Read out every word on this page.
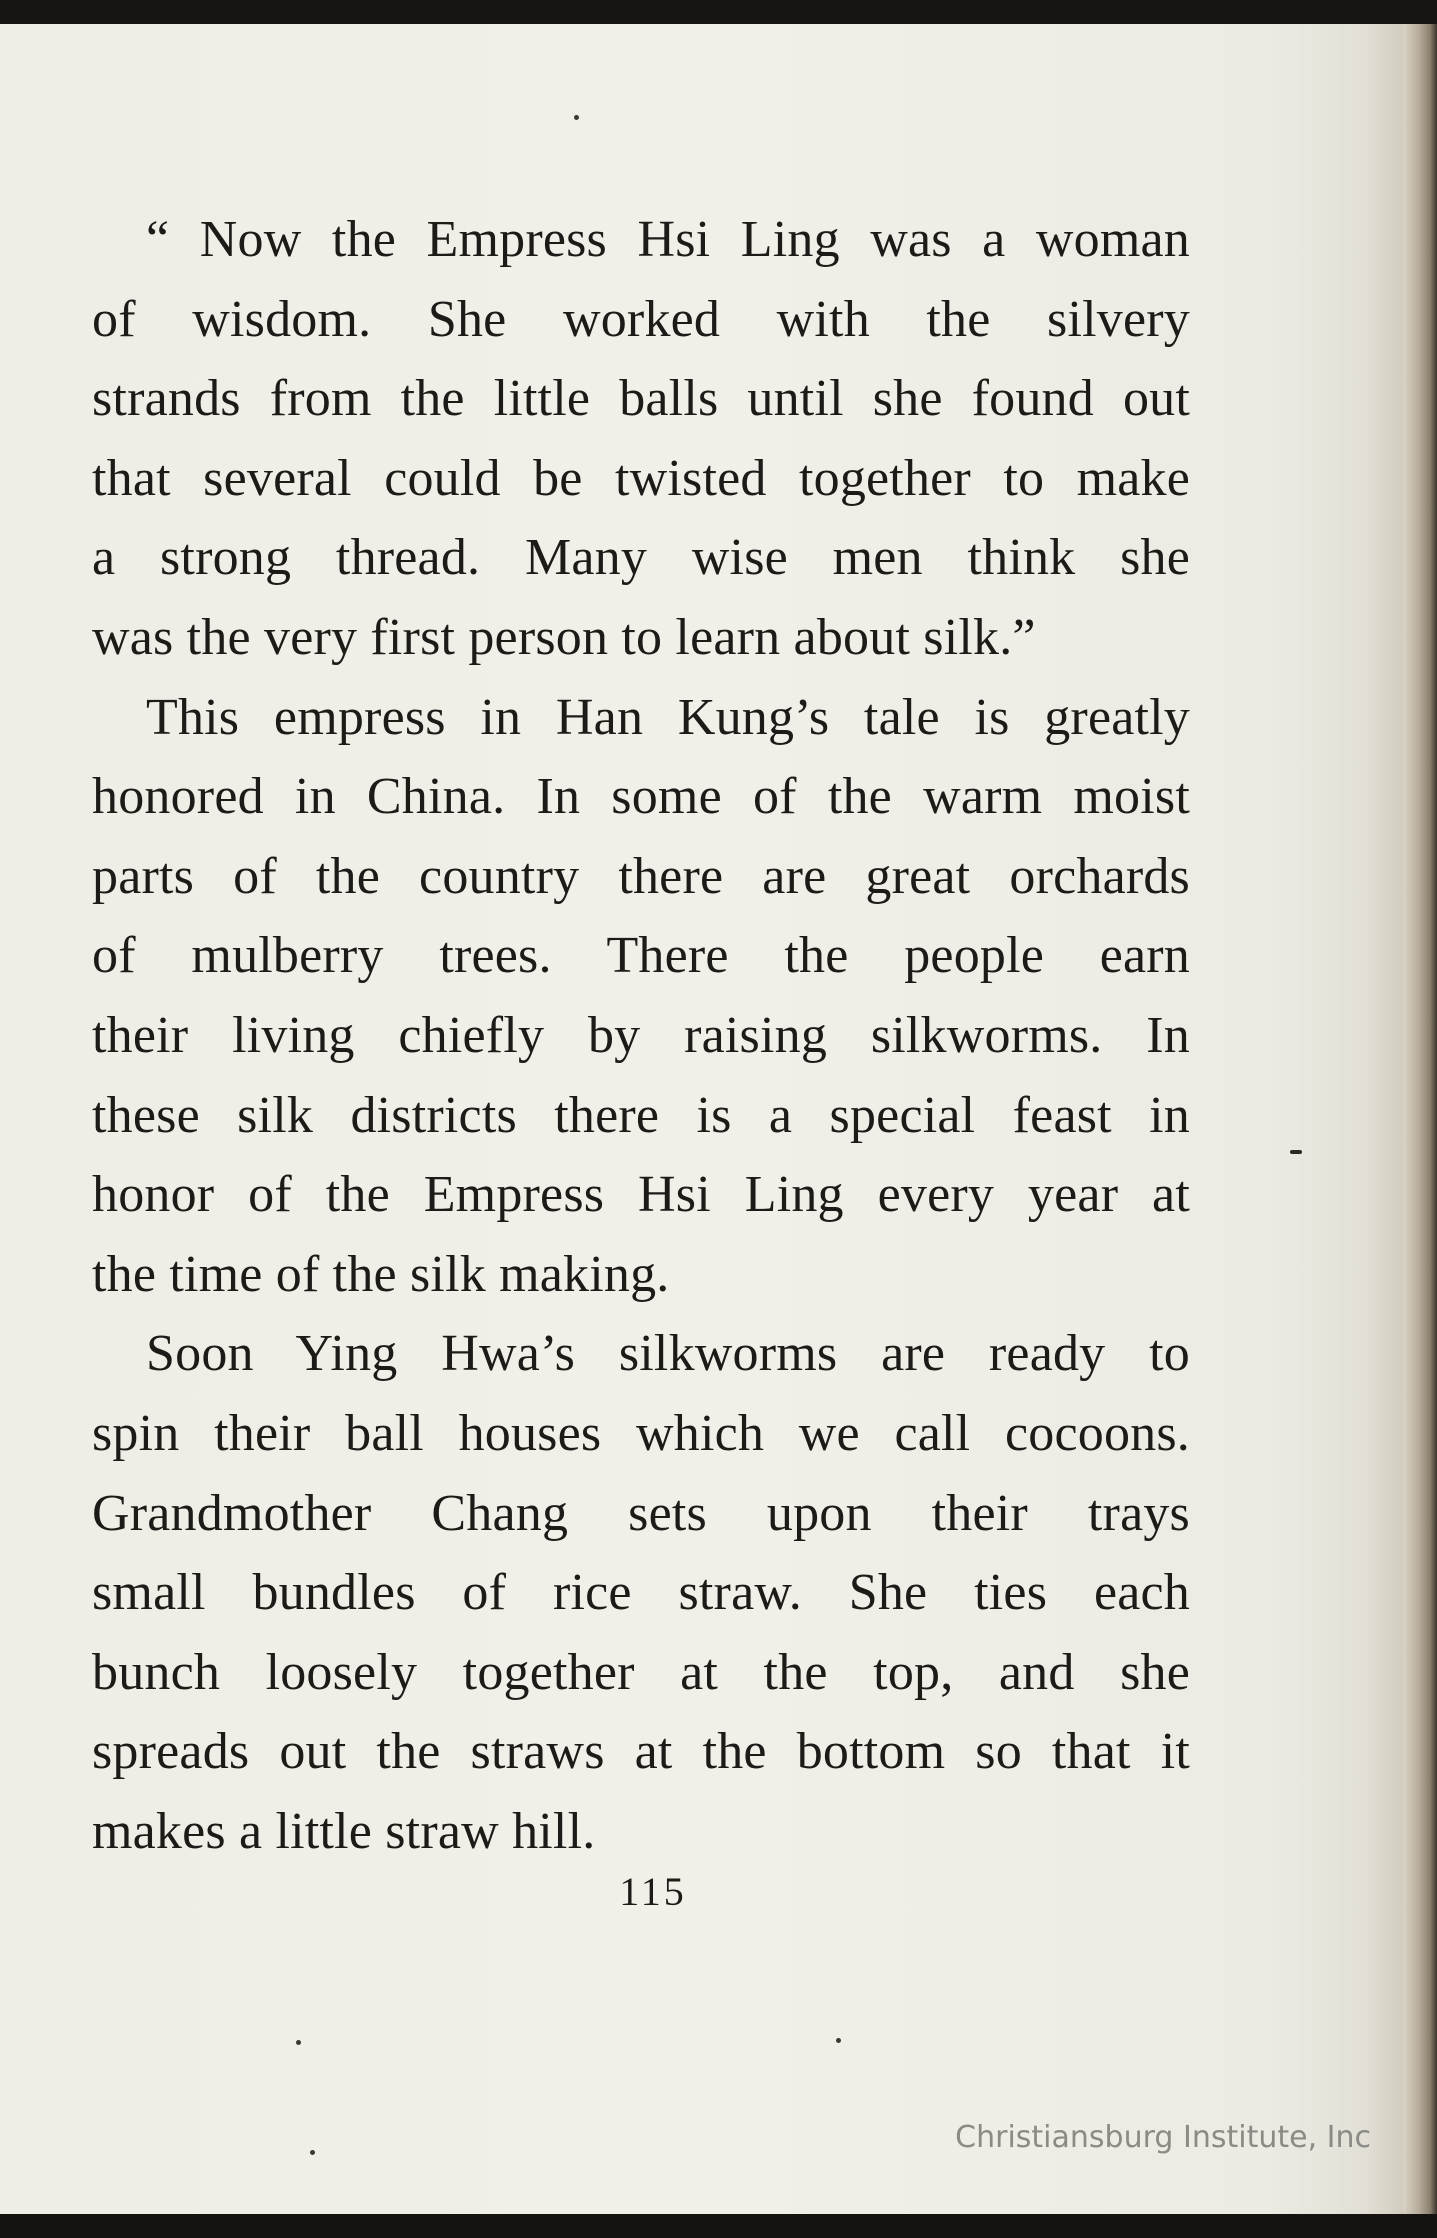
“ Now the Empress Hsi Ling was a woman
of wisdom. She worked with the silvery
strands from the little balls until she found out
that several could be twisted together to make
a strong thread. Many wise men think she
was the very first person to learn about silk.”

This empress in Han Kung’s tale is greatly
honored in China. In some of the warm moist
parts of the country there are great orchards
of mulberry trees. There the people earn
their living chiefly by raising silkworms. In
these silk districts there is a special feast in
honor of the Empress Hsi Ling every year at
the time of the silk making.

Soon Ying Hwa’s silkworms are ready to
spin their ball houses which we call cocoons.
Grandmother Chang sets upon their trays
small bundles of rice straw. She ties each
bunch loosely together at the top, and she
spreads out the straws at the bottom so that it
makes a little straw hill.

115
Christiansburg Institute, Inc
